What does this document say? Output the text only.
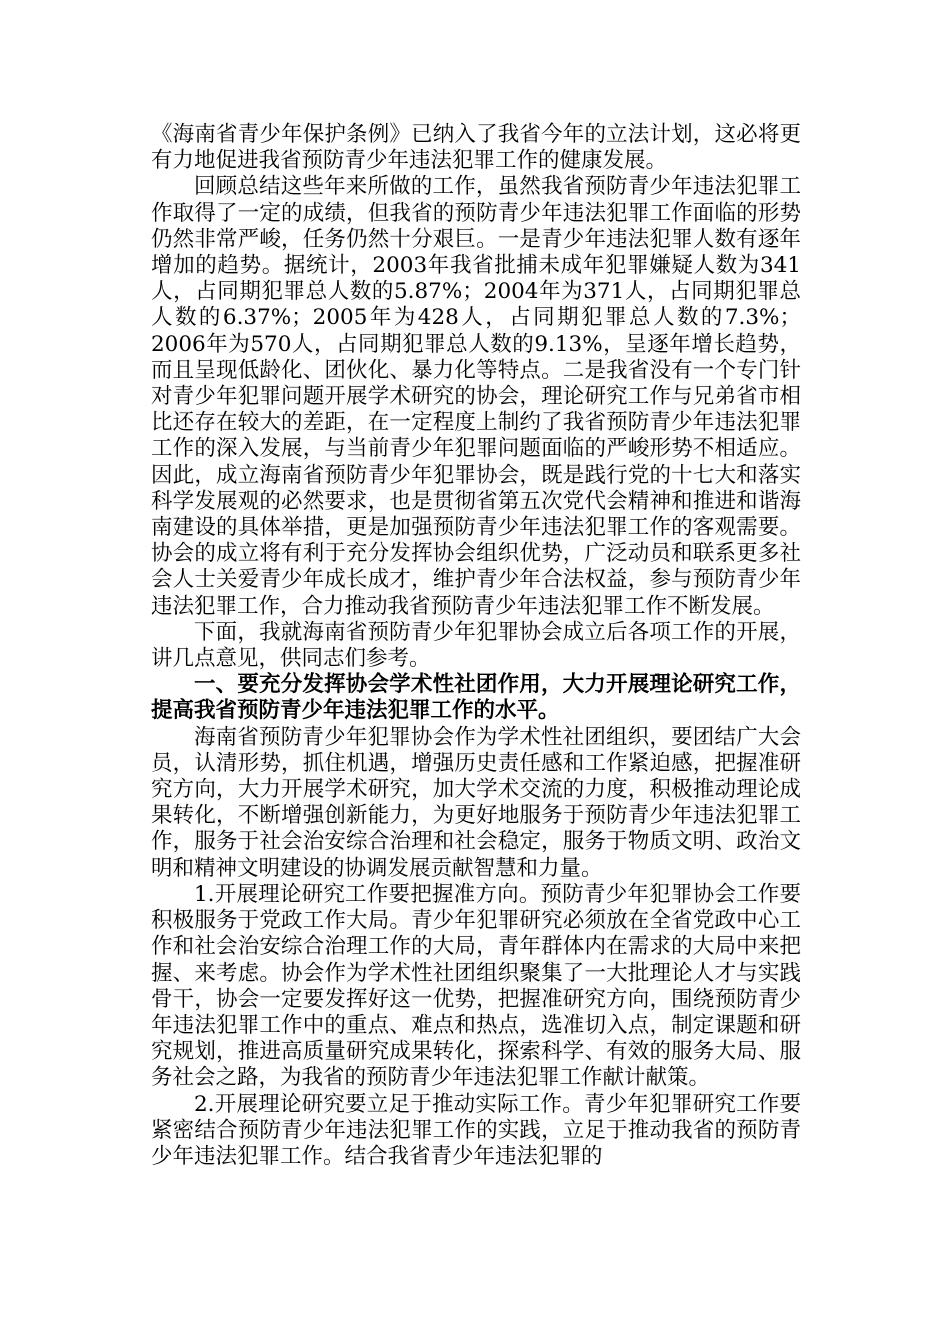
《海南省青少年保护条例》已纳入了我省今年的立法计划，这必将更有力地促进我省预防青少年违法犯罪工作的健康发展。

回顾总结这些年来所做的工作，虽然我省预防青少年违法犯罪工作取得了一定的成绩，但我省的预防青少年违法犯罪工作面临的形势仍然非常严峻，任务仍然十分艰巨。一是青少年违法犯罪人数有逐年增加的趋势。据统计，2003年我省批捕未成年犯罪嫌疑人数为341人，占同期犯罪总人数的5.87%；2004年为371人，占同期犯罪总人数的6.37%；2005年为428人，占同期犯罪总人数的7.3%；2006年为570人，占同期犯罪总人数的9.13%，呈逐年增长趋势，而且呈现低龄化、团伙化、暴力化等特点。二是我省没有一个专门针对青少年犯罪问题开展学术研究的协会，理论研究工作与兄弟省市相比还存在较大的差距，在一定程度上制约了我省预防青少年违法犯罪工作的深入发展，与当前青少年犯罪问题面临的严峻形势不相适应。因此，成立海南省预防青少年犯罪协会，既是践行党的十七大和落实科学发展观的必然要求，也是贯彻省第五次党代会精神和推进和谐海南建设的具体举措，更是加强预防青少年违法犯罪工作的客观需要。协会的成立将有利于充分发挥协会组织优势，广泛动员和联系更多社会人士关爱青少年成长成才，维护青少年合法权益，参与预防青少年违法犯罪工作，合力推动我省预防青少年违法犯罪工作不断发展。

下面，我就海南省预防青少年犯罪协会成立后各项工作的开展，讲几点意见，供同志们参考。

一、要充分发挥协会学术性社团作用，大力开展理论研究工作，提高我省预防青少年违法犯罪工作的水平。

海南省预防青少年犯罪协会作为学术性社团组织，要团结广大会员，认清形势，抓住机遇，增强历史责任感和工作紧迫感，把握准研究方向，大力开展学术研究，加大学术交流的力度，积极推动理论成果转化，不断增强创新能力，为更好地服务于预防青少年违法犯罪工作，服务于社会治安综合治理和社会稳定，服务于物质文明、政治文明和精神文明建设的协调发展贡献智慧和力量。

1.开展理论研究工作要把握准方向。预防青少年犯罪协会工作要积极服务于党政工作大局。青少年犯罪研究必须放在全省党政中心工作和社会治安综合治理工作的大局，青年群体内在需求的大局中来把握、来考虑。协会作为学术性社团组织聚集了一大批理论人才与实践骨干，协会一定要发挥好这一优势，把握准研究方向，围绕预防青少年违法犯罪工作中的重点、难点和热点，选准切入点，制定课题和研究规划，推进高质量研究成果转化，探索科学、有效的服务大局、服务社会之路，为我省的预防青少年违法犯罪工作献计献策。

2.开展理论研究要立足于推动实际工作。青少年犯罪研究工作要紧密结合预防青少年违法犯罪工作的实践，立足于推动我省的预防青少年违法犯罪工作。结合我省青少年违法犯罪的
